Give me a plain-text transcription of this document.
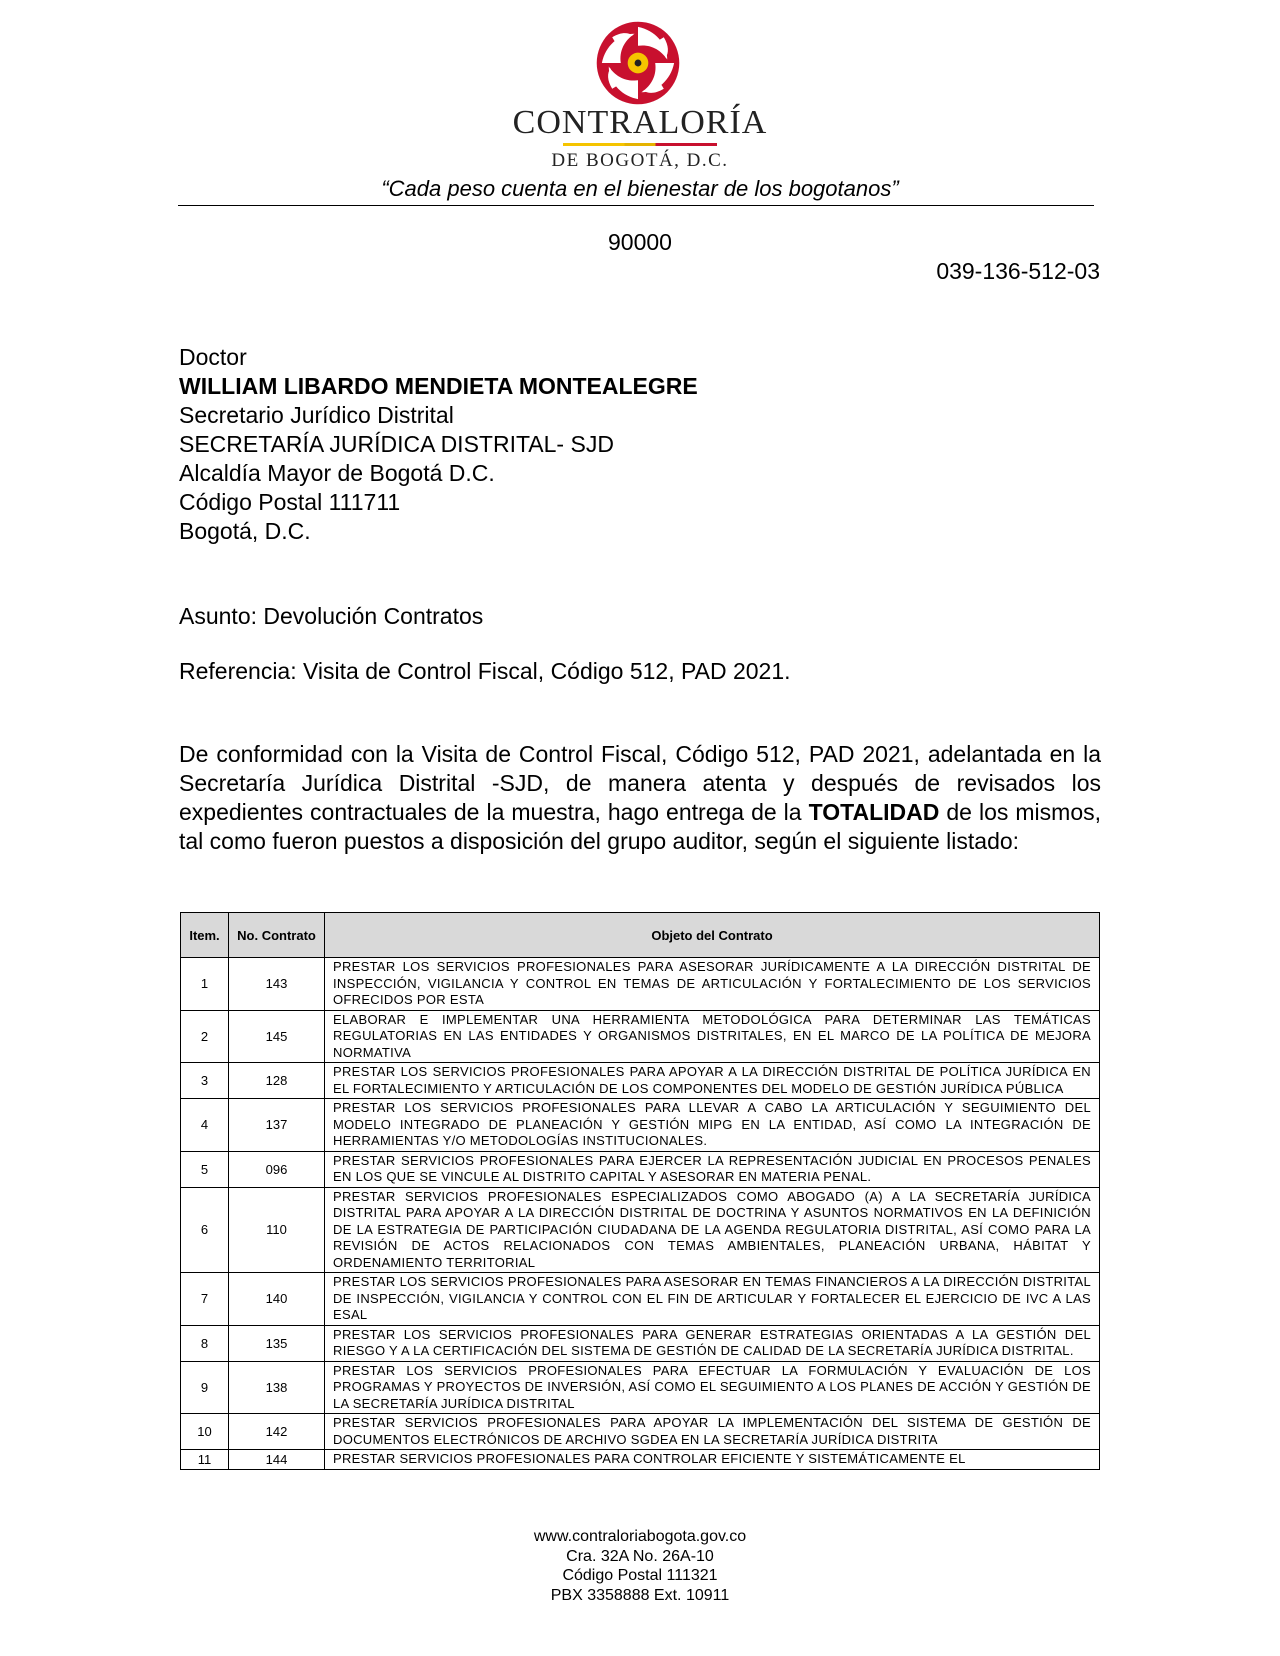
CONTRALORÍA
DE BOGOTÁ, D.C.
“Cada peso cuenta en el bienestar de los bogotanos”
90000
039-136-512-03
Doctor
WILLIAM LIBARDO MENDIETA MONTEALEGRE
Secretario Jurídico Distrital
SECRETARÍA JURÍDICA DISTRITAL- SJD
Alcaldía Mayor de Bogotá D.C.
Código Postal 111711
Bogotá, D.C.
Asunto: Devolución Contratos
Referencia: Visita de Control Fiscal, Código 512, PAD 2021.
De conformidad con la Visita de Control Fiscal, Código 512, PAD 2021, adelantada en la Secretaría Jurídica Distrital -SJD, de manera atenta y después de revisados los expedientes contractuales de la muestra, hago entrega de la TOTALIDAD de los mismos, tal como fueron puestos a disposición del grupo auditor, según el siguiente listado:
Item.	No. Contrato	Objeto del Contrato
1	143	PRESTAR LOS SERVICIOS PROFESIONALES PARA ASESORAR JURÍDICAMENTE A LA DIRECCIÓN DISTRITAL DE INSPECCIÓN, VIGILANCIA Y CONTROL EN TEMAS DE ARTICULACIÓN Y FORTALECIMIENTO DE LOS SERVICIOS OFRECIDOS POR ESTA
2	145	ELABORAR E IMPLEMENTAR UNA HERRAMIENTA METODOLÓGICA PARA DETERMINAR LAS TEMÁTICAS REGULATORIAS EN LAS ENTIDADES Y ORGANISMOS DISTRITALES, EN EL MARCO DE LA POLÍTICA DE MEJORA NORMATIVA
3	128	PRESTAR LOS SERVICIOS PROFESIONALES PARA APOYAR A LA DIRECCIÓN DISTRITAL DE POLÍTICA JURÍDICA EN EL FORTALECIMIENTO Y ARTICULACIÓN DE LOS COMPONENTES DEL MODELO DE GESTIÓN JURÍDICA PÚBLICA
4	137	PRESTAR LOS SERVICIOS PROFESIONALES PARA LLEVAR A CABO LA ARTICULACIÓN Y SEGUIMIENTO DEL MODELO INTEGRADO DE PLANEACIÓN Y GESTIÓN MIPG EN LA ENTIDAD, ASÍ COMO LA INTEGRACIÓN DE HERRAMIENTAS Y/O METODOLOGÍAS INSTITUCIONALES.
5	096	PRESTAR SERVICIOS PROFESIONALES PARA EJERCER LA REPRESENTACIÓN JUDICIAL EN PROCESOS PENALES EN LOS QUE SE VINCULE AL DISTRITO CAPITAL Y ASESORAR EN MATERIA PENAL.
6	110	PRESTAR SERVICIOS PROFESIONALES ESPECIALIZADOS COMO ABOGADO (A) A LA SECRETARÍA JURÍDICA DISTRITAL PARA APOYAR A LA DIRECCIÓN DISTRITAL DE DOCTRINA Y ASUNTOS NORMATIVOS EN LA DEFINICIÓN DE LA ESTRATEGIA DE PARTICIPACIÓN CIUDADANA DE LA AGENDA REGULATORIA DISTRITAL, ASÍ COMO PARA LA REVISIÓN DE ACTOS RELACIONADOS CON TEMAS AMBIENTALES, PLANEACIÓN URBANA, HÁBITAT Y ORDENAMIENTO TERRITORIAL
7	140	PRESTAR LOS SERVICIOS PROFESIONALES PARA ASESORAR EN TEMAS FINANCIEROS A LA DIRECCIÓN DISTRITAL DE INSPECCIÓN, VIGILANCIA Y CONTROL CON EL FIN DE ARTICULAR Y FORTALECER EL EJERCICIO DE IVC A LAS ESAL
8	135	PRESTAR LOS SERVICIOS PROFESIONALES PARA GENERAR ESTRATEGIAS ORIENTADAS A LA GESTIÓN DEL RIESGO Y A LA CERTIFICACIÓN DEL SISTEMA DE GESTIÓN DE CALIDAD DE LA SECRETARÍA JURÍDICA DISTRITAL.
9	138	PRESTAR LOS SERVICIOS PROFESIONALES PARA EFECTUAR LA FORMULACIÓN Y EVALUACIÓN DE LOS PROGRAMAS Y PROYECTOS DE INVERSIÓN, ASÍ COMO EL SEGUIMIENTO A LOS PLANES DE ACCIÓN Y GESTIÓN DE LA SECRETARÍA JURÍDICA DISTRITAL
10	142	PRESTAR SERVICIOS PROFESIONALES PARA APOYAR LA IMPLEMENTACIÓN DEL SISTEMA DE GESTIÓN DE DOCUMENTOS ELECTRÓNICOS DE ARCHIVO SGDEA EN LA SECRETARÍA JURÍDICA DISTRITA
11	144	PRESTAR SERVICIOS PROFESIONALES PARA CONTROLAR EFICIENTE Y SISTEMÁTICAMENTE EL
www.contraloriabogota.gov.co
Cra. 32A No. 26A-10
Código Postal 111321
PBX 3358888 Ext. 10911
